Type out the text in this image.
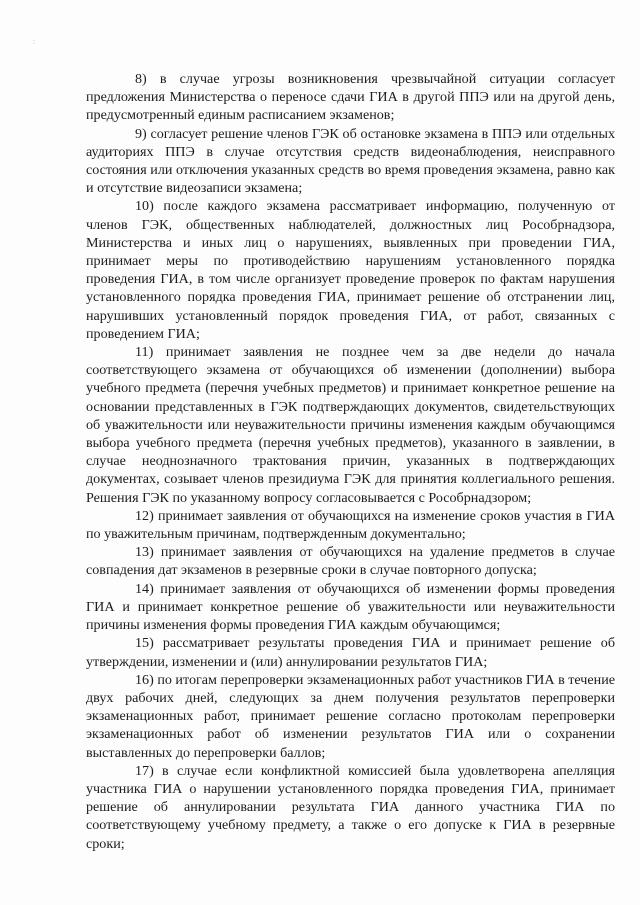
· ·

8) в случае угрозы возникновения чрезвычайной ситуации согласует предложения Министерства о переносе сдачи ГИА в другой ППЭ или на другой день, предусмотренный единым расписанием экзаменов;

9) согласует решение членов ГЭК об остановке экзамена в ППЭ или отдельных аудиториях ППЭ в случае отсутствия средств видеонаблюдения, неисправного состояния или отключения указанных средств во время проведения экзамена, равно как и отсутствие видеозаписи экзамена;

10) после каждого экзамена рассматривает информацию, полученную от членов ГЭК, общественных наблюдателей, должностных лиц Рособрнадзора, Министерства и иных лиц о нарушениях, выявленных при проведении ГИА, принимает меры по противодействию нарушениям установленного порядка проведения ГИА, в том числе организует проведение проверок по фактам нарушения установленного порядка проведения ГИА, принимает решение об отстранении лиц, нарушивших установленный порядок проведения ГИА, от работ, связанных с проведением ГИА;

11) принимает заявления не позднее чем за две недели до начала соответствующего экзамена от обучающихся об изменении (дополнении) выбора учебного предмета (перечня учебных предметов) и принимает конкретное решение на основании представленных в ГЭК подтверждающих документов, свидетельствующих об уважительности или неуважительности причины изменения каждым обучающимся выбора учебного предмета (перечня учебных предметов), указанного в заявлении, в случае неоднозначного трактования причин, указанных в подтверждающих документах, созывает членов президиума ГЭК для принятия коллегиального решения. Решения ГЭК по указанному вопросу согласовывается с Рособрнадзором;

12) принимает заявления от обучающихся на изменение сроков участия в ГИА по уважительным причинам, подтвержденным документально;

13) принимает заявления от обучающихся на удаление предметов в случае совпадения дат экзаменов в резервные сроки в случае повторного допуска;

14) принимает заявления от обучающихся об изменении формы проведения ГИА и принимает конкретное решение об уважительности или неуважительности причины изменения формы проведения ГИА каждым обучающимся;

15) рассматривает результаты проведения ГИА и принимает решение об утверждении, изменении и (или) аннулировании результатов ГИА;

16) по итогам перепроверки экзаменационных работ участников ГИА в течение двух рабочих дней, следующих за днем получения результатов перепроверки экзаменационных работ, принимает решение согласно протоколам перепроверки экзаменационных работ об изменении результатов ГИА или о сохранении выставленных до перепроверки баллов;

17) в случае если конфликтной комиссией была удовлетворена апелляция участника ГИА о нарушении установленного порядка проведения ГИА, принимает решение об аннулировании результата ГИА данного участника ГИА по соответствующему учебному предмету, а также о его допуске к ГИА в резервные сроки;
